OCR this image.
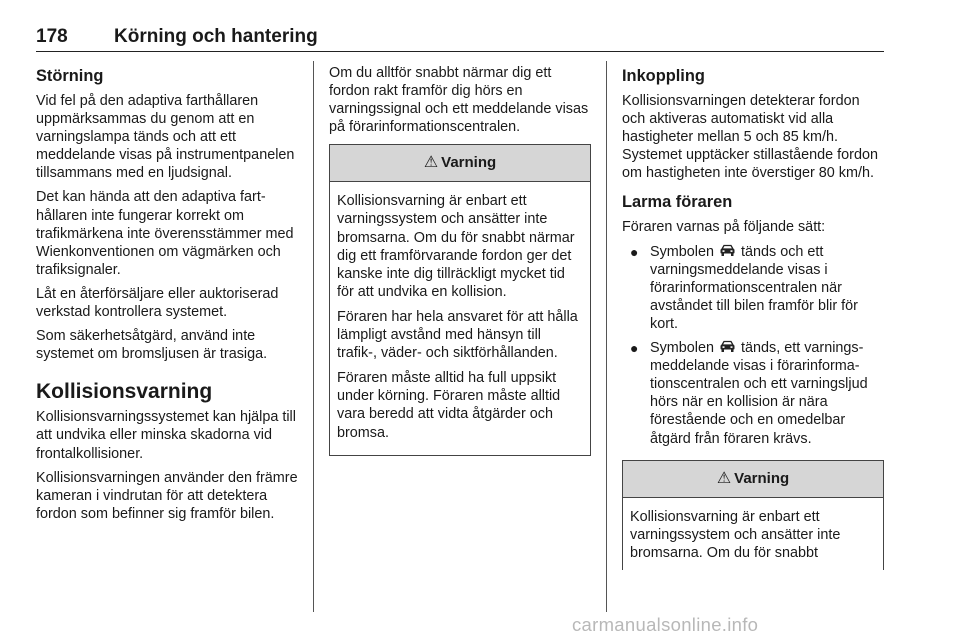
178 Körning och hantering
Störning

Vid fel på den adaptiva farthållaren uppmärksammas du genom att en varningslampa tänds och att ett meddelande visas på instrumentpanelen tillsammans med en ljudsignal.

Det kan hända att den adaptiva farthållaren inte fungerar korrekt om trafikmärkena inte överensstämmer med Wienkonventionen om vägmärken och trafiksignaler.

Låt en återförsäljare eller auktoriserad verkstad kontrollera systemet.

Som säkerhetsåtgärd, använd inte systemet om bromsljusen är trasiga.

Kollisionsvarning

Kollisionsvarningssystemet kan hjälpa till att undvika eller minska skadorna vid frontalkollisioner.

Kollisionsvarningen använder den främre kameran i vindrutan för att detektera fordon som befinner sig framför bilen.

Om du alltför snabbt närmar dig ett fordon rakt framför dig hörs en varningssignal och ett meddelande visas på förarinformationscentralen.

⚠ Varning

Kollisionsvarning är enbart ett varningssystem och ansätter inte bromsarna. Om du för snabbt närmar dig ett framförvarande fordon ger det kanske inte dig tillräckligt mycket tid för att undvika en kollision.

Föraren har hela ansvaret för att hålla lämpligt avstånd med hänsyn till trafik-, väder- och siktförhållanden.

Föraren måste alltid ha full uppsikt under körning. Föraren måste alltid vara beredd att vidta åtgärder och bromsa.

Inkoppling

Kollisionsvarningen detekterar fordon och aktiveras automatiskt vid alla hastigheter mellan 5 och 85 km/h. Systemet upptäcker stillastående fordon om hastigheten inte överstiger 80 km/h.

Larma föraren

Föraren varnas på följande sätt:

● Symbolen tänds och ett varningsmeddelande visas i förarinformationscentralen när avståndet till bilen framför blir för kort.
● Symbolen tänds, ett varningsmeddelande visas i förarinformationscentralen och ett varningsljud hörs när en kollision är nära förestående och en omedelbar åtgärd från föraren krävs.
⚠ Varning

Kollisionsvarning är enbart ett varningssystem och ansätter inte bromsarna. Om du för snabbt

carmanualsonline.info
